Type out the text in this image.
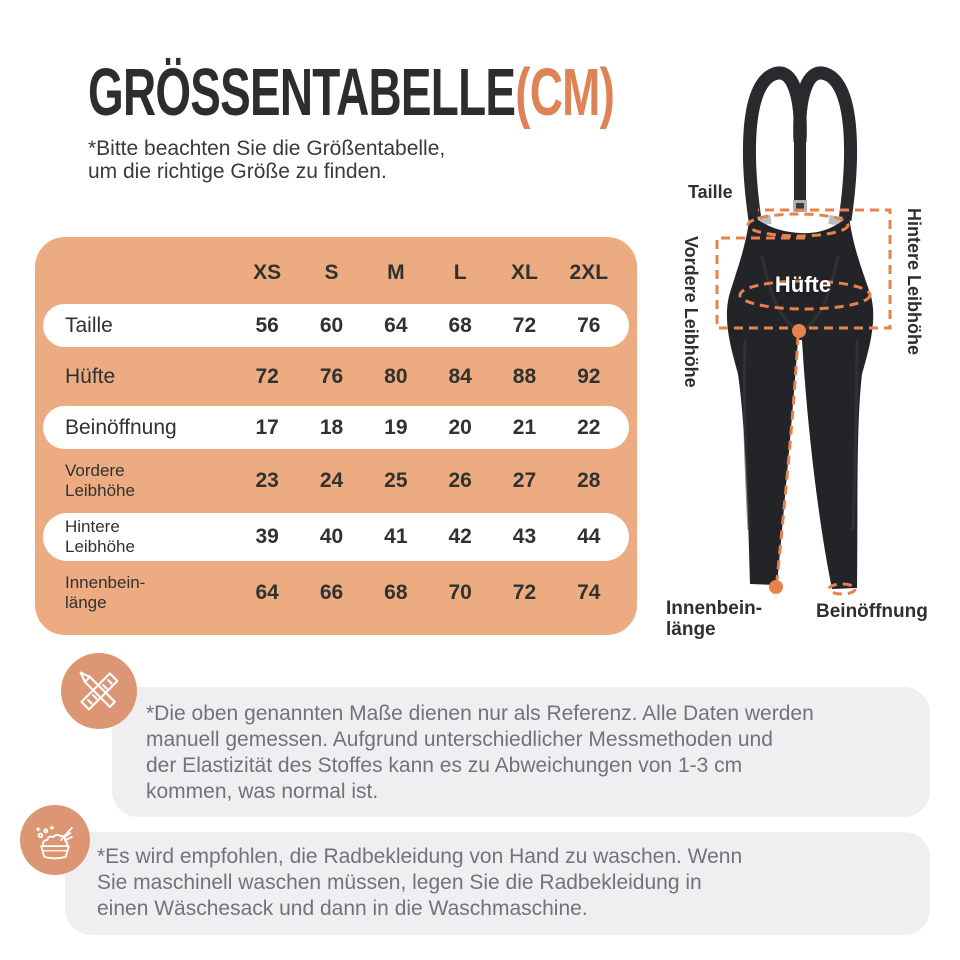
GRÖSSENTABELLE(CM)
*Bitte beachten Sie die Größentabelle,
um die richtige Größe zu finden.
XS	S	M	L	XL	2XL
Taille	56	60	64	68	72	76
Hüfte	72	76	80	84	88	92
Beinöffnung	17	18	19	20	21	22
Vordere
Leibhöhe	23	24	25	26	27	28
Hintere
Leibhöhe	39	40	41	42	43	44
Innenbein-
länge	64	66	68	70	72	74
Taille
Vordere Leibhöhe	Hintere Leibhöhe
Hüfte
Innenbein-
länge
Beinöffnung
*Die oben genannten Maße dienen nur als Referenz. Alle Daten werden
manuell gemessen. Aufgrund unterschiedlicher Messmethoden und
der Elastizität des Stoffes kann es zu Abweichungen von 1-3 cm
kommen, was normal ist.
*Es wird empfohlen, die Radbekleidung von Hand zu waschen. Wenn
Sie maschinell waschen müssen, legen Sie die Radbekleidung in
einen Wäschesack und dann in die Waschmaschine.
